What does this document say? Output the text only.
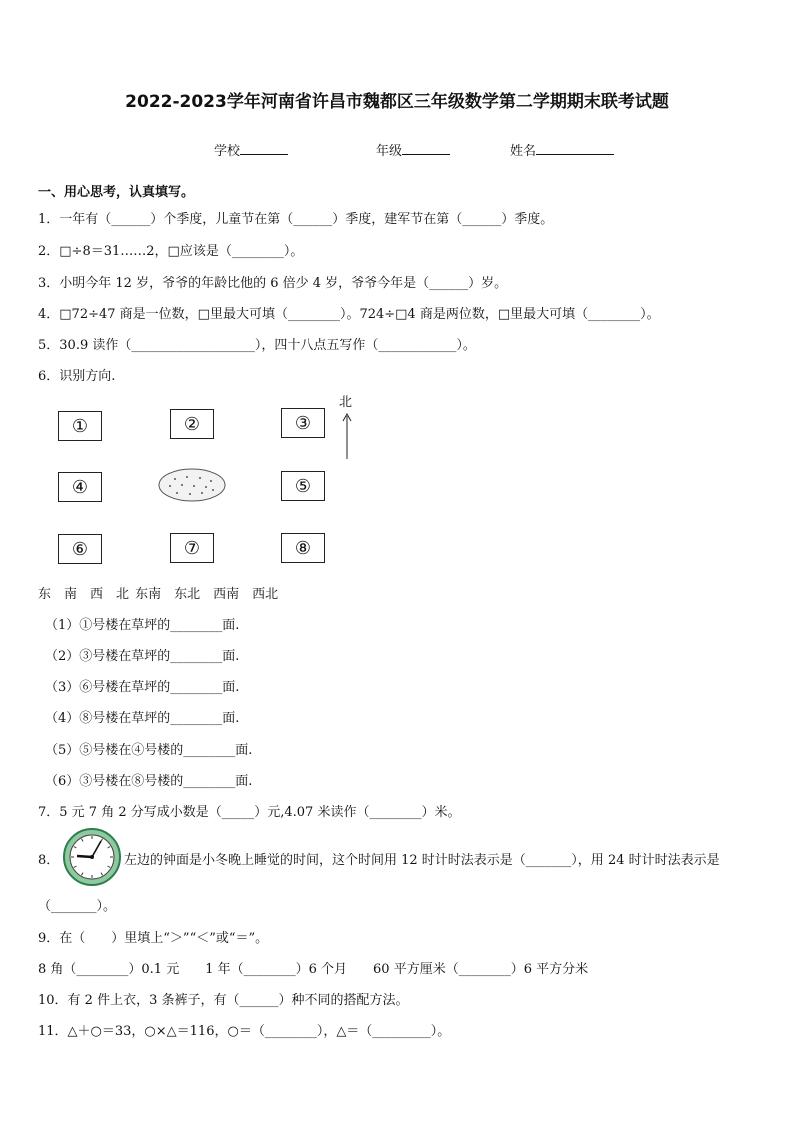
2022-2023学年河南省许昌市魏都区三年级数学第二学期期末联考试题
学校	年级	姓名
一、用心思考，认真填写。
1．一年有（______）个季度，儿童节在第（______）季度，建军节在第（______）季度。
2．□÷8＝31……2，□应该是（________）。
3．小明今年 12 岁，爷爷的年龄比他的 6 倍少 4 岁，爷爷今年是（______）岁。
4．□72÷47 商是一位数，□里最大可填（________）。724÷□4 商是两位数，□里最大可填（________）。
5．30.9 读作（___________________），四十八点五写作（____________）。
6．识别方向.
①	②	③
④	⑤
⑥	⑦	⑧
北
东　南　西　北 东南　东北　西南　西北
（1）①号楼在草坪的________面.
（2）③号楼在草坪的________面.
（3）⑥号楼在草坪的________面.
（4）⑧号楼在草坪的________面.
（5）⑤号楼在④号楼的________面.
（6）③号楼在⑧号楼的________面.
7．5 元 7 角 2 分写成小数是（_____）元,4.07 米读作（________）米。
8．	左边的钟面是小冬晚上睡觉的时间，这个时间用 12 时计时法表示是（_______），用 24 时计时法表示是
（_______）。
9．在（　　）里填上“＞”“＜”或“＝”。
8 角（________）0.1 元　　1 年（________）6 个月　　60 平方厘米（________）6 平方分米
10．有 2 件上衣，3 条裤子，有（______）种不同的搭配方法。
11．△＋○＝33，○×△＝116，○＝（________），△＝（_________）。
